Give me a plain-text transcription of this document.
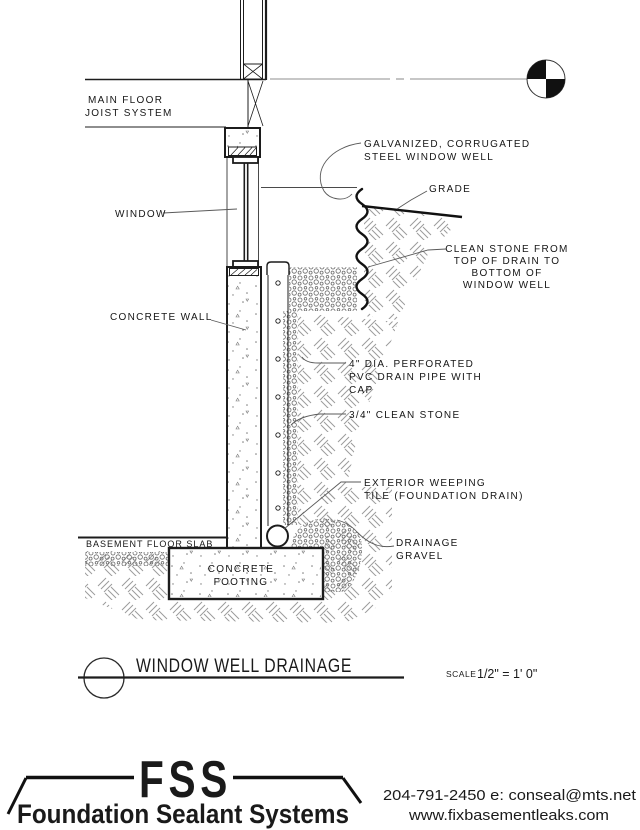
MAIN FLOOR
JOIST SYSTEM
WINDOW
CONCRETE WALL
GALVANIZED, CORRUGATED
STEEL WINDOW WELL
GRADE
CLEAN STONE FROM
TOP OF DRAIN TO
BOTTOM OF
WINDOW WELL
4" DIA. PERFORATED
PVC DRAIN PIPE WITH
CAP
3/4" CLEAN STONE
EXTERIOR WEEPING
TILE (FOUNDATION DRAIN)
DRAINAGE
GRAVEL
BASEMENT FLOOR SLAB
CONCRETE
FOOTING
WINDOW WELL DRAINAGE	SCALE 1/2" = 1' 0"
FSS
Foundation Sealant Systems
204-791-2450 e: conseal@mts.net
www.fixbasementleaks.com
